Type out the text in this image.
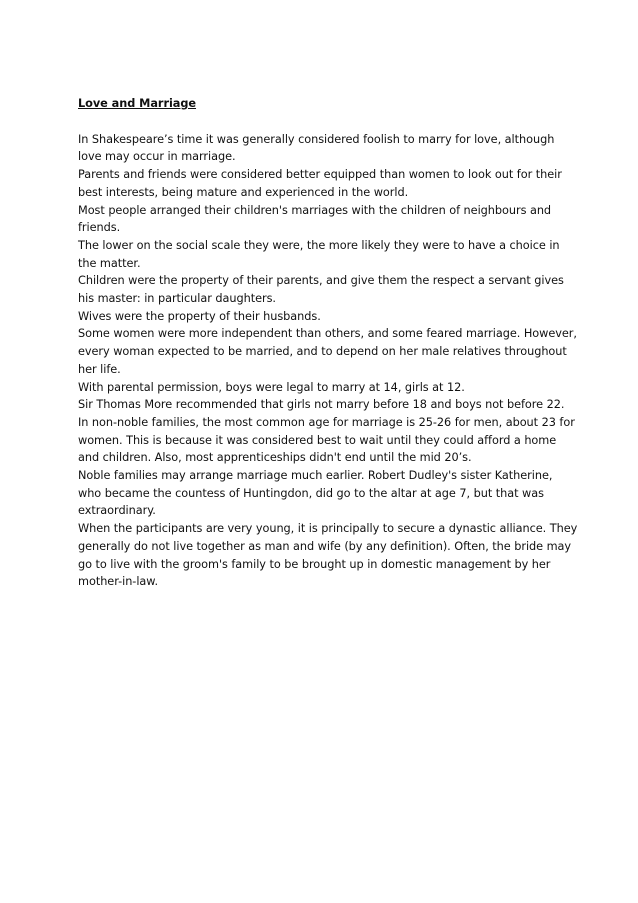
Love and Marriage

In Shakespeare’s time it was generally considered foolish to marry for love, although love may occur in marriage.

Parents and friends were considered better equipped than women to look out for their best interests, being mature and experienced in the world.

Most people arranged their children's marriages with the children of neighbours and friends.

The lower on the social scale they were, the more likely they were to have a choice in the matter.

Children were the property of their parents, and give them the respect a servant gives his master: in particular daughters.

Wives were the property of their husbands.

Some women were more independent than others, and some feared marriage. However, every woman expected to be married, and to depend on her male relatives throughout her life.

With parental permission, boys were legal to marry at 14, girls at 12.

Sir Thomas More recommended that girls not marry before 18 and boys not before 22.

In non-noble families, the most common age for marriage is 25-26 for men, about 23 for women. This is because it was considered best to wait until they could afford a home and children. Also, most apprenticeships didn't end until the mid 20’s.

Noble families may arrange marriage much earlier. Robert Dudley's sister Katherine, who became the countess of Huntingdon, did go to the altar at age 7, but that was extraordinary.

When the participants are very young, it is principally to secure a dynastic alliance. They generally do not live together as man and wife (by any definition). Often, the bride may go to live with the groom's family to be brought up in domestic management by her mother-in-law.
